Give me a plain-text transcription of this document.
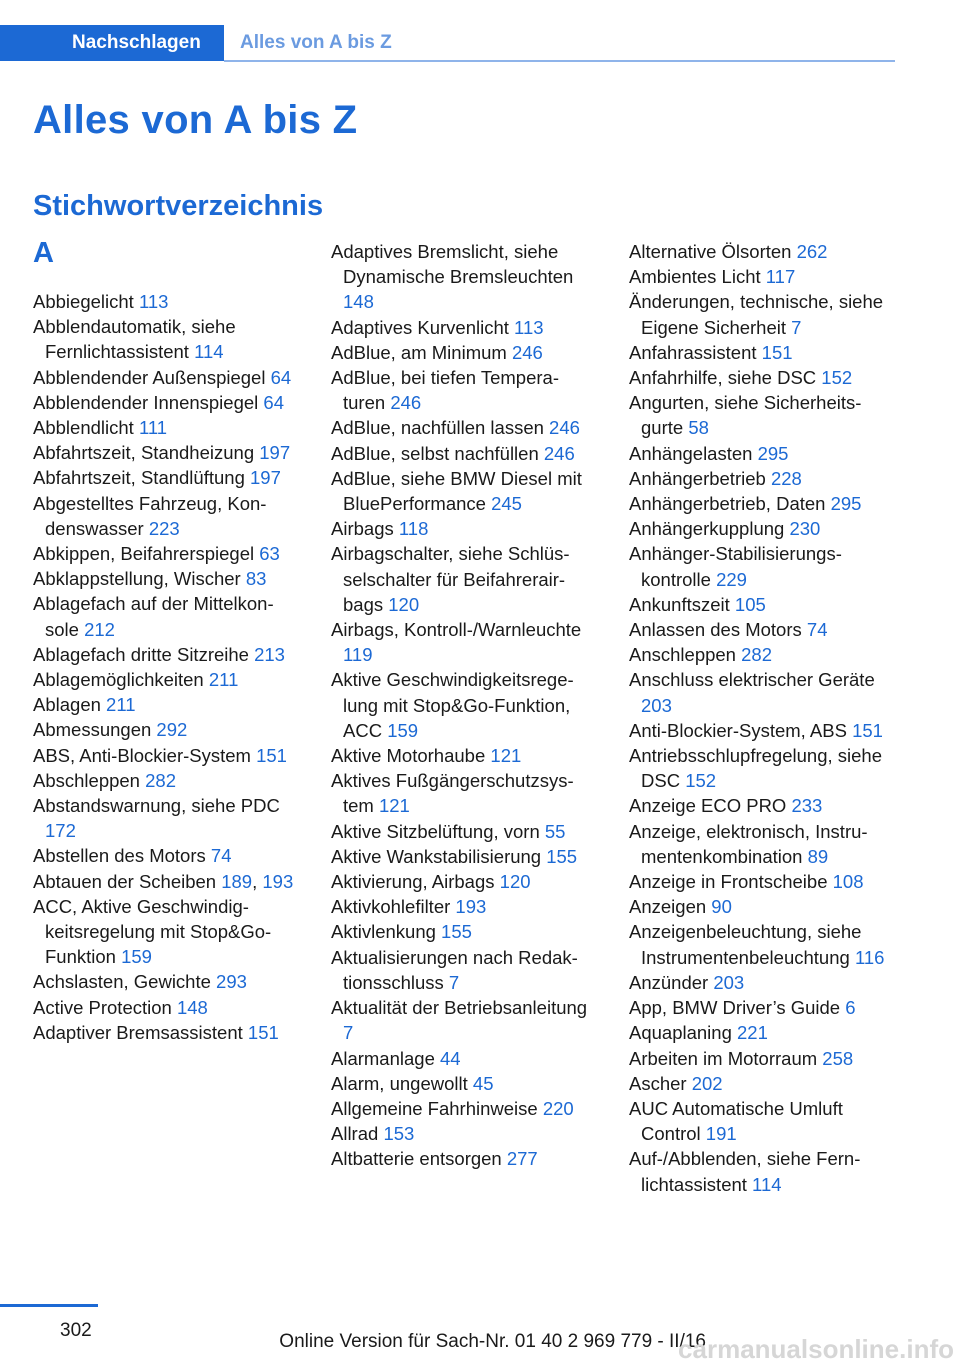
Nachschlagen	Alles von A bis Z
Alles von A bis Z
Stichwortverzeichnis
A
Abbiegelicht 113
Abblendautomatik, siehe Fernlichtassistent 114
Abblendender Außenspiegel 64
Abblendender Innenspiegel 64
Abblendlicht 111
Abfahrtszeit, Standheizung 197
Abfahrtszeit, Standlüftung 197
Abgestelltes Fahrzeug, Kondenswasser 223
Abkippen, Beifahrerspiegel 63
Abklappstellung, Wischer 83
Ablagefach auf der Mittelkonsole 212
Ablagefach dritte Sitzreihe 213
Ablagemöglichkeiten 211
Ablagen 211
Abmessungen 292
ABS, Anti-Blockier-System 151
Abschleppen 282
Abstandswarnung, siehe PDC 172
Abstellen des Motors 74
Abtauen der Scheiben 189, 193
ACC, Aktive Geschwindigkeitsregelung mit Stop&Go-Funktion 159
Achslasten, Gewichte 293
Active Protection 148
Adaptiver Bremsassistent 151
Adaptives Bremslicht, siehe Dynamische Bremsleuchten 148
Adaptives Kurvenlicht 113
AdBlue, am Minimum 246
AdBlue, bei tiefen Temperaturen 246
AdBlue, nachfüllen lassen 246
AdBlue, selbst nachfüllen 246
AdBlue, siehe BMW Diesel mit BluePerformance 245
Airbags 118
Airbagschalter, siehe Schlüsselschalter für Beifahrerairbags 120
Airbags, Kontroll-/Warnleuchte 119
Aktive Geschwindigkeitsregelung mit Stop&Go-Funktion, ACC 159
Aktive Motorhaube 121
Aktives Fußgängerschutzsystem 121
Aktive Sitzbelüftung, vorn 55
Aktive Wankstabilisierung 155
Aktivierung, Airbags 120
Aktivkohlefilter 193
Aktivlenkung 155
Aktualisierungen nach Redaktionsschluss 7
Aktualität der Betriebsanleitung 7
Alarmanlage 44
Alarm, ungewollt 45
Allgemeine Fahrhinweise 220
Allrad 153
Altbatterie entsorgen 277
Alternative Ölsorten 262
Ambientes Licht 117
Änderungen, technische, siehe Eigene Sicherheit 7
Anfahrassistent 151
Anfahrhilfe, siehe DSC 152
Angurten, siehe Sicherheitsgurte 58
Anhängelasten 295
Anhängerbetrieb 228
Anhängerbetrieb, Daten 295
Anhängerkupplung 230
Anhänger-Stabilisierungskontrolle 229
Ankunftszeit 105
Anlassen des Motors 74
Anschleppen 282
Anschluss elektrischer Geräte 203
Anti-Blockier-System, ABS 151
Antriebsschlupfregelung, siehe DSC 152
Anzeige ECO PRO 233
Anzeige, elektronisch, Instrumentenkombination 89
Anzeige in Frontscheibe 108
Anzeigen 90
Anzeigenbeleuchtung, siehe Instrumentenbeleuchtung 116
Anzünder 203
App, BMW Driver’s Guide 6
Aquaplaning 221
Arbeiten im Motorraum 258
Ascher 202
AUC Automatische Umluft Control 191
Auf-/Abblenden, siehe Fernlichtassistent 114
302
Online Version für Sach-Nr. 01 40 2 969 779 - II/16
carmanualsonline.info
